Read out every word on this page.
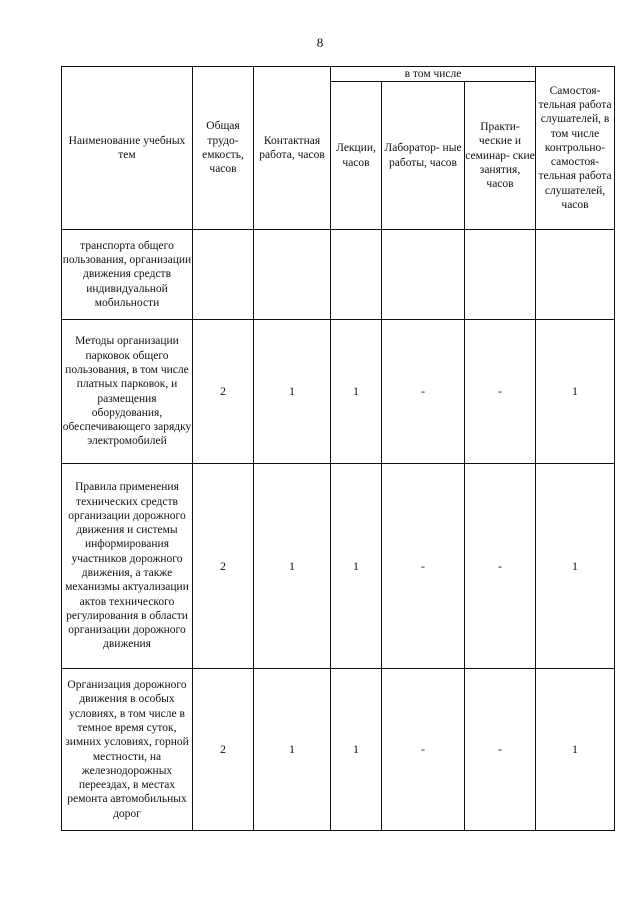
8
Наименование учебных тем	Общая трудо- емкость, часов	Контактная работа, часов	в том числе			Самостоя- тельная работа слушателей, в том числе контрольно- самостоя- тельная работа слушателей, часов
			Лекции, часов	Лаборатор- ные работы, часов	Практи- ческие и семинар- ские занятия, часов	
транспорта общего пользования, организации движения средств индивидуальной мобильности						
Методы организации парковок общего пользования, в том числе платных парковок, и размещения оборудования, обеспечивающего зарядку электромобилей	2	1	1	-	-	1
Правила применения технических средств организации дорожного движения и системы информирования участников дорожного движения, а также механизмы актуализации актов технического регулирования в области организации дорожного движения	2	1	1	-	-	1
Организация дорожного движения в особых условиях, в том числе в темное время суток, зимних условиях, горной местности, на железнодорожных переездах, в местах ремонта автомобильных дорог	2	1	1	-	-	1
